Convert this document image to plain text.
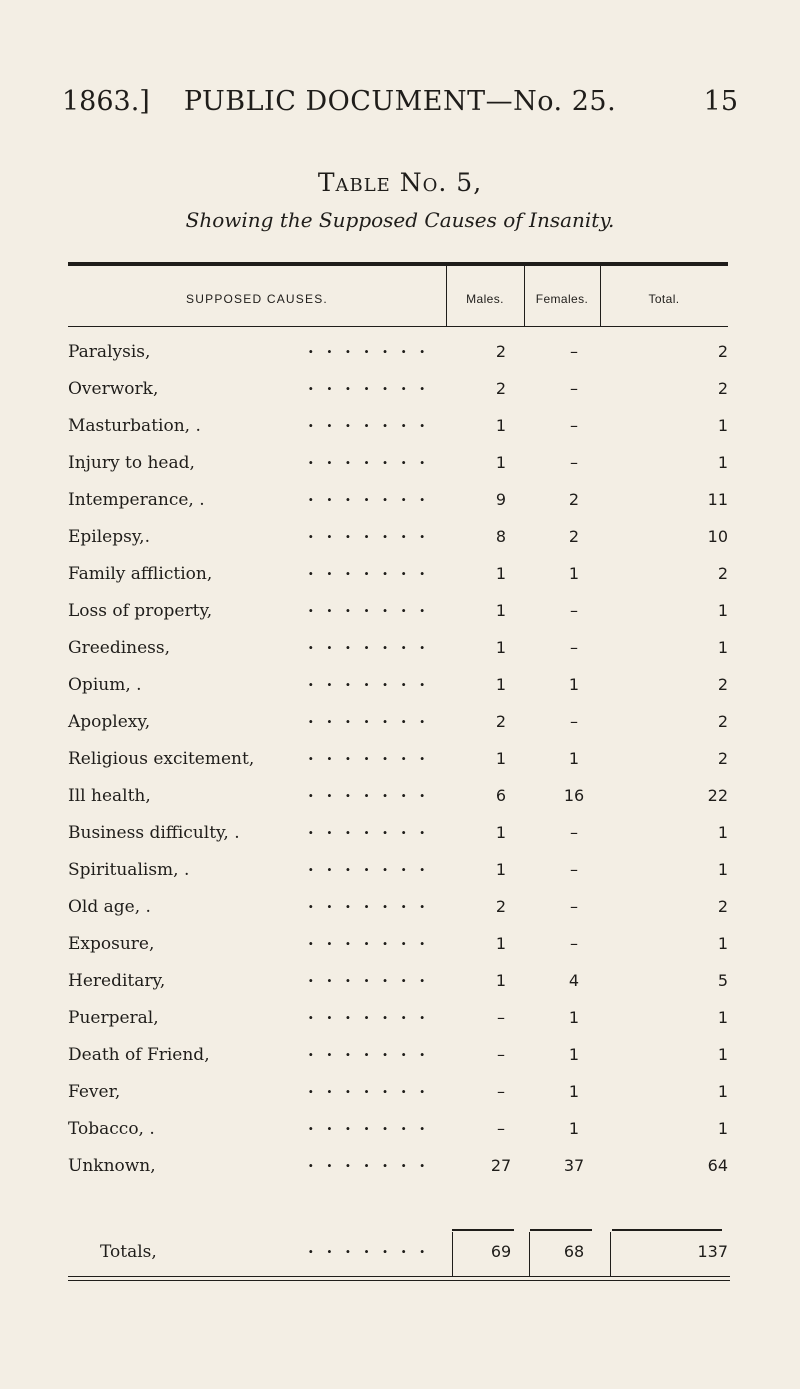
1863.]	PUBLIC DOCUMENT—No. 25.	15
Table No. 5,
Showing the Supposed Causes of Insanity.
SUPPOSED CAUSES.	Males.	Females.	Total.
Paralysis,	.......	2	–	2
Overwork,	.......	2	–	2
Masturbation, .	.......	1	–	1
Injury to head,	.......	1	–	1
Intemperance, .	.......	9	2	11
Epilepsy,.	.......	8	2	10
Family affliction,	.......	1	1	2
Loss of property,	.......	1	–	1
Greediness,	.......	1	–	1
Opium, .	.......	1	1	2
Apoplexy,	.......	2	–	2
Religious excitement,	.......	1	1	2
Ill health,	.......	6	16	22
Business difficulty, .	.......	1	–	1
Spiritualism, .	.......	1	–	1
Old age, .	.......	2	–	2
Exposure,	.......	1	–	1
Hereditary,	.......	1	4	5
Puerperal,	.......	–	1	1
Death of Friend,	.......	–	1	1
Fever,	.......	–	1	1
Tobacco, .	.......	–	1	1
Unknown,	.......	27	37	64
Totals,	.......	69	68	137
